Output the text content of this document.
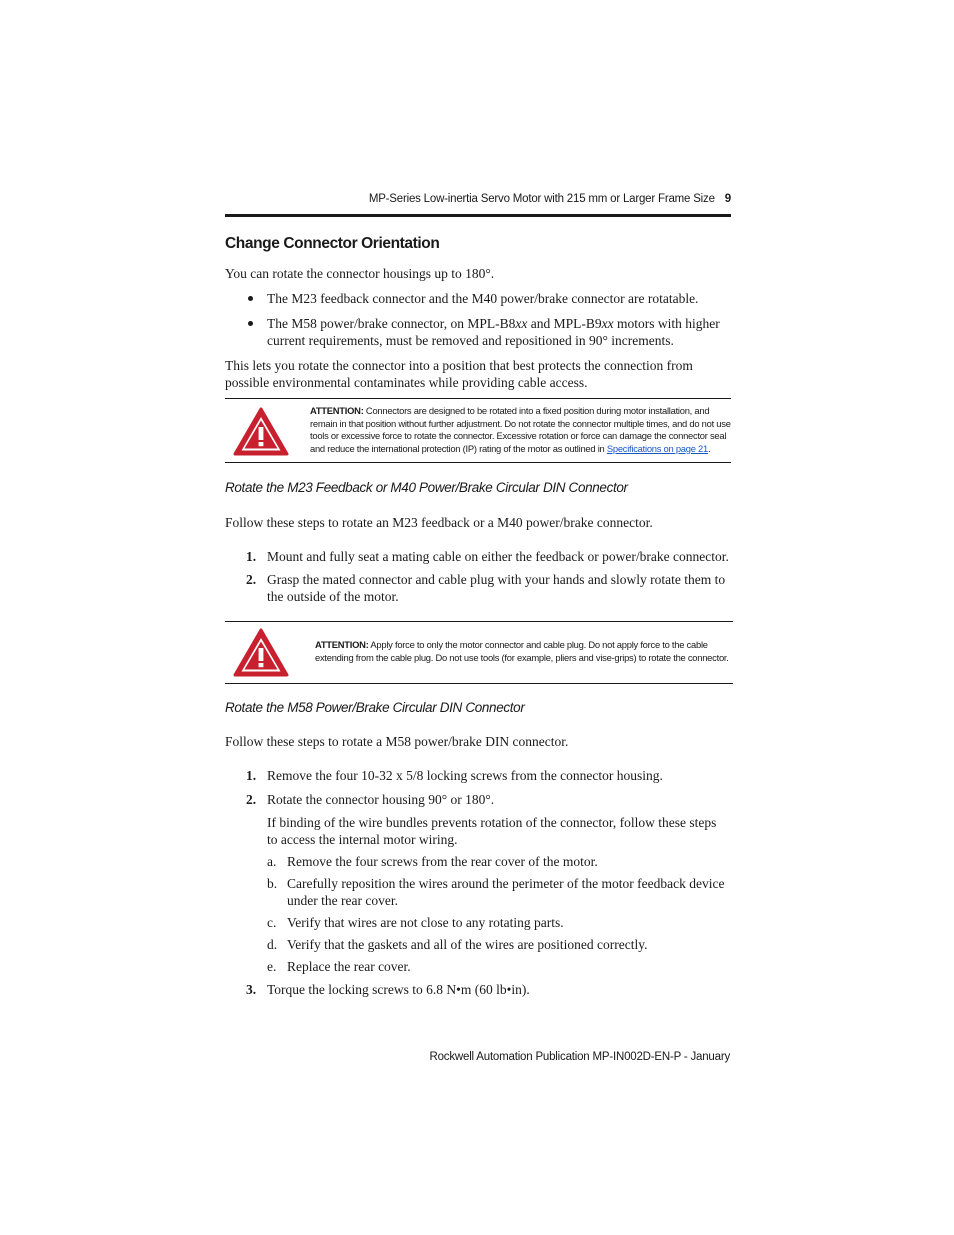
MP-Series Low-inertia Servo Motor with 215 mm or Larger Frame Size 9
Change Connector Orientation
You can rotate the connector housings up to 180°.
The M23 feedback connector and the M40 power/brake connector are rotatable.
The M58 power/brake connector, on MPL-B8xx and MPL-B9xx motors with higher current requirements, must be removed and repositioned in 90° increments.
This lets you rotate the connector into a position that best protects the connection from possible environmental contaminates while providing cable access.
ATTENTION: Connectors are designed to be rotated into a fixed position during motor installation, and remain in that position without further adjustment. Do not rotate the connector multiple times, and do not use tools or excessive force to rotate the connector. Excessive rotation or force can damage the connector seal and reduce the international protection (IP) rating of the motor as outlined in Specifications on page 21.
Rotate the M23 Feedback or M40 Power/Brake Circular DIN Connector
Follow these steps to rotate an M23 feedback or a M40 power/brake connector.
1. Mount and fully seat a mating cable on either the feedback or power/brake connector.
2. Grasp the mated connector and cable plug with your hands and slowly rotate them to the outside of the motor.
ATTENTION: Apply force to only the motor connector and cable plug. Do not apply force to the cable extending from the cable plug. Do not use tools (for example, pliers and vise-grips) to rotate the connector.
Rotate the M58 Power/Brake Circular DIN Connector
Follow these steps to rotate a M58 power/brake DIN connector.
1. Remove the four 10-32 x 5/8 locking screws from the connector housing.
2. Rotate the connector housing 90° or 180°.
If binding of the wire bundles prevents rotation of the connector, follow these steps to access the internal motor wiring.
a. Remove the four screws from the rear cover of the motor.
b. Carefully reposition the wires around the perimeter of the motor feedback device under the rear cover.
c. Verify that wires are not close to any rotating parts.
d. Verify that the gaskets and all of the wires are positioned correctly.
e. Replace the rear cover.
3. Torque the locking screws to 6.8 N•m (60 lb•in).
Rockwell Automation Publication MP-IN002D-EN-P - January
